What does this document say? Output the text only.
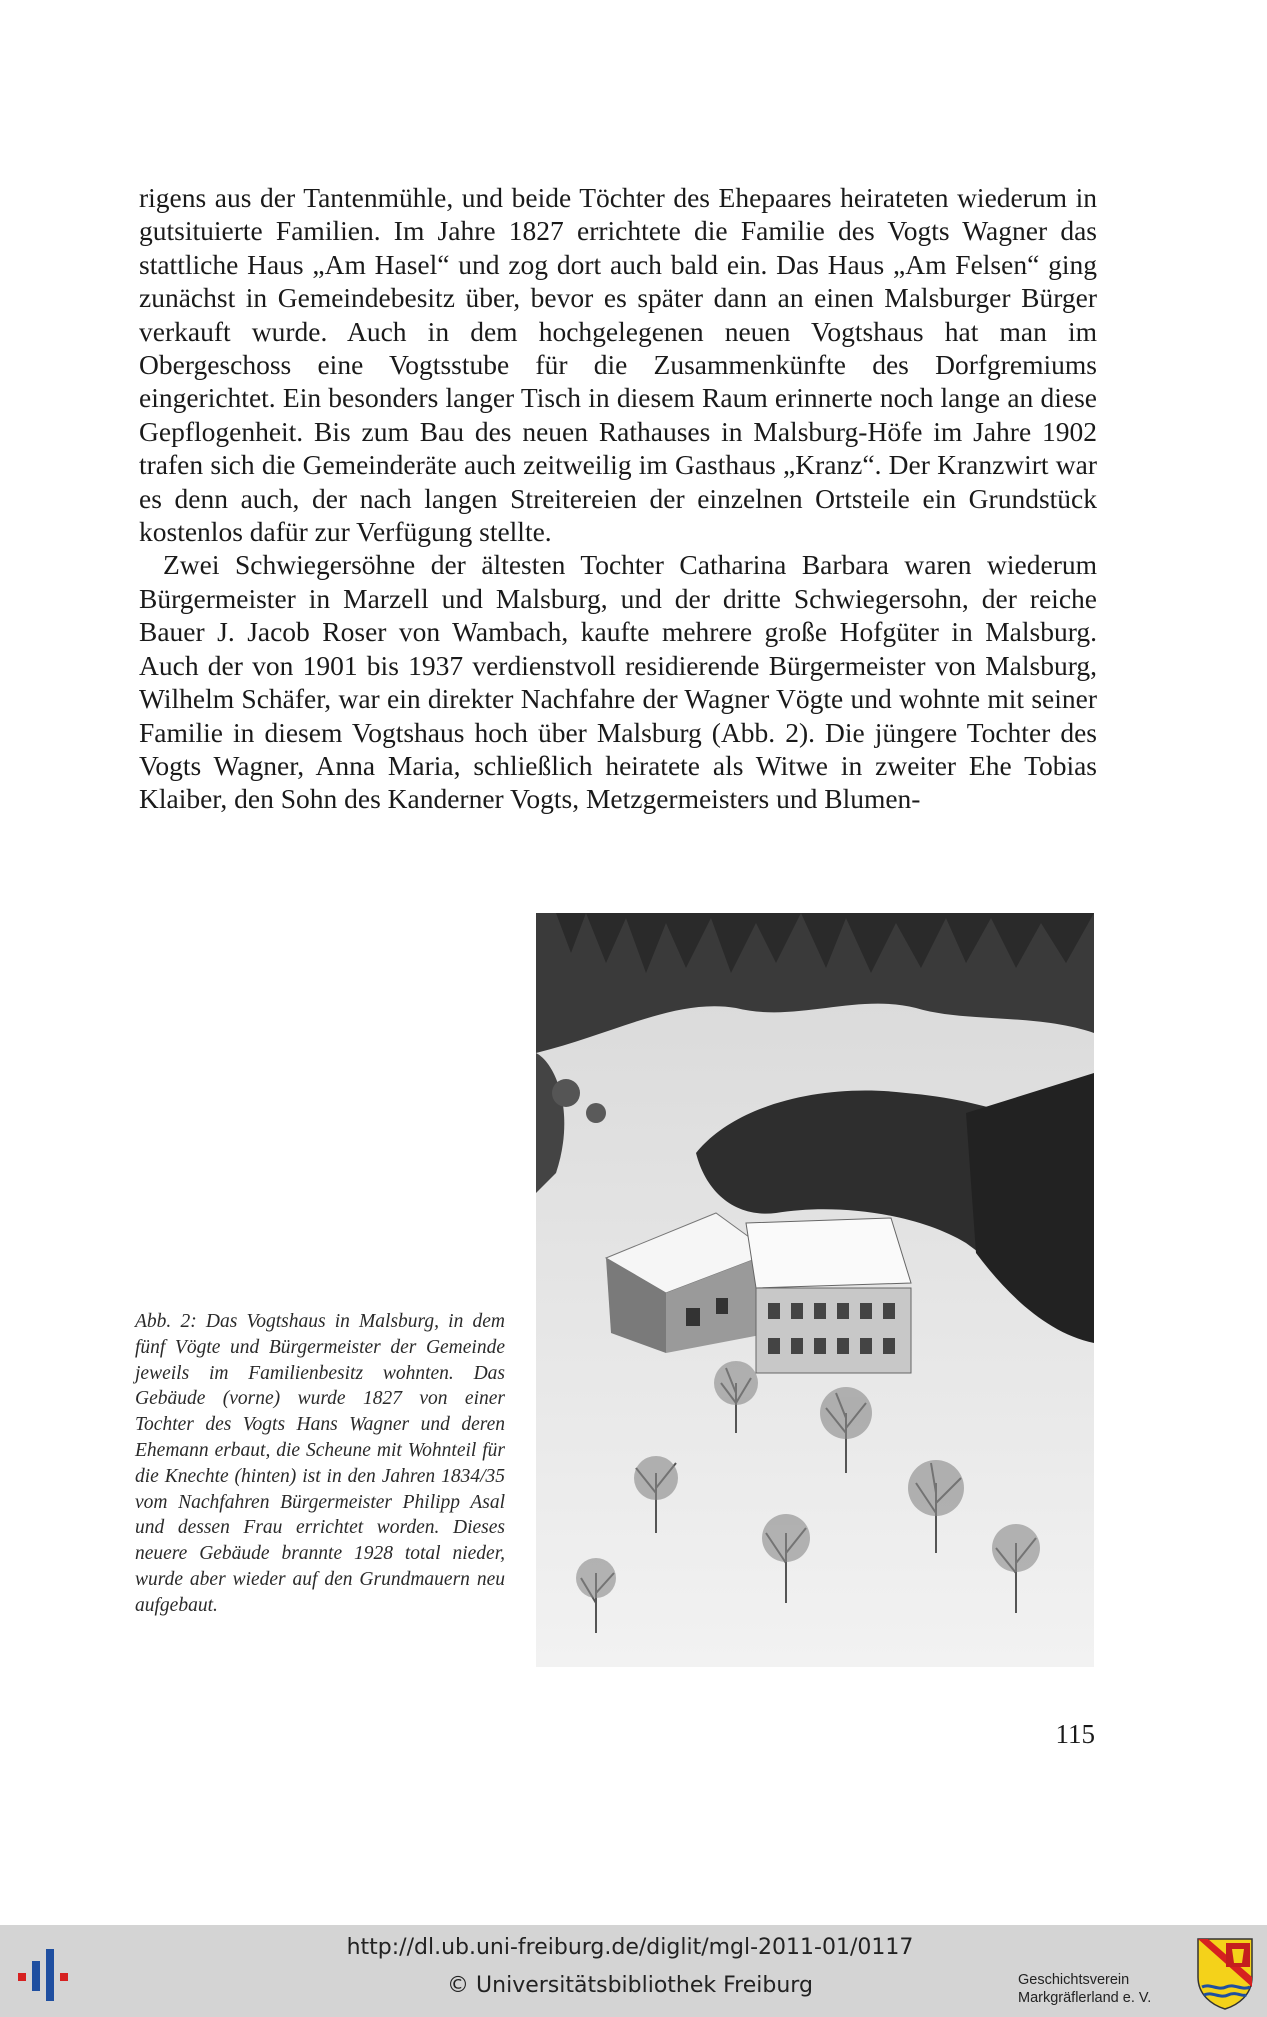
rigens aus der Tantenmühle, und beide Töchter des Ehepaares heirateten wiederum in gutsituierte Familien. Im Jahre 1827 errichtete die Familie des Vogts Wagner das stattliche Haus „Am Hasel“ und zog dort auch bald ein. Das Haus „Am Felsen“ ging zunächst in Gemeindebesitz über, bevor es später dann an einen Malsburger Bürger verkauft wurde. Auch in dem hochgelegenen neuen Vogtshaus hat man im Obergeschoss eine Vogtsstube für die Zusammenkünfte des Dorfgremiums eingerichtet. Ein besonders langer Tisch in diesem Raum erinnerte noch lange an diese Gepflogenheit. Bis zum Bau des neuen Rathauses in Malsburg-Höfe im Jahre 1902 trafen sich die Gemeinderäte auch zeitweilig im Gasthaus „Kranz“. Der Kranzwirt war es denn auch, der nach langen Streitereien der einzelnen Ortsteile ein Grundstück kostenlos dafür zur Verfügung stellte.

Zwei Schwiegersöhne der ältesten Tochter Catharina Barbara waren wiederum Bürgermeister in Marzell und Malsburg, und der dritte Schwiegersohn, der reiche Bauer J. Jacob Roser von Wambach, kaufte mehrere große Hofgüter in Malsburg. Auch der von 1901 bis 1937 verdienstvoll residierende Bürgermeister von Malsburg, Wilhelm Schäfer, war ein direkter Nachfahre der Wagner Vögte und wohnte mit seiner Familie in diesem Vogtshaus hoch über Malsburg (Abb. 2). Die jüngere Tochter des Vogts Wagner, Anna Maria, schließlich heiratete als Witwe in zweiter Ehe Tobias Klaiber, den Sohn des Kanderner Vogts, Metzgermeisters und Blumen-

Abb. 2: Das Vogtshaus in Malsburg, in dem fünf Vögte und Bürgermeister der Gemeinde jeweils im Familienbesitz wohnten. Das Gebäude (vorne) wurde 1827 von einer Tochter des Vogts Hans Wagner und deren Ehemann erbaut, die Scheune mit Wohnteil für die Knechte (hinten) ist in den Jahren 1834/35 vom Nachfahren Bürgermeister Philipp Asal und dessen Frau errichtet worden. Dieses neuere Gebäude brannte 1928 total nieder, wurde aber wieder auf den Grundmauern neu aufgebaut.
115
http://dl.ub.uni-freiburg.de/diglit/mgl-2011-01/0117
© Universitätsbibliothek Freiburg	Geschichtsverein
Markgräflerland e. V.
